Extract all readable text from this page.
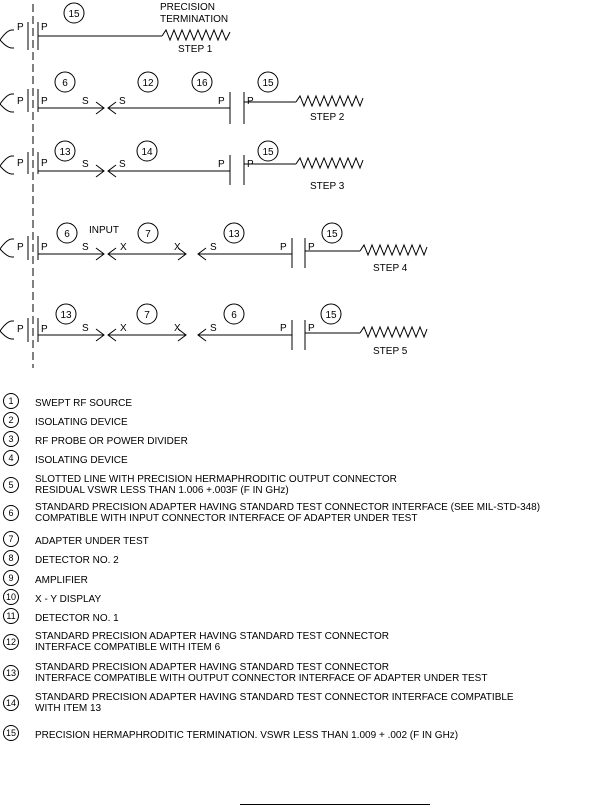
P P
15
PRECISION
TERMINATION
STEP 1
P P
6
S	S
12	16
P P
15
STEP 2
P P
13
S	S
14
P P
15
STEP 3
P P
6
S
INPUT
X
7
X	S
13
P P
15
STEP 4
P P
13
S	X
7
X	S
6
P P
15
STEP 5
1	SWEPT RF SOURCE
2	ISOLATING DEVICE
3	RF PROBE OR POWER DIVIDER
4	ISOLATING DEVICE
5	SLOTTED LINE WITH PRECISION HERMAPHRODITIC OUTPUT CONNECTOR
RESIDUAL VSWR LESS THAN 1.006 +.003F (F IN GHz)
6	STANDARD PRECISION ADAPTER HAVING STANDARD TEST CONNECTOR INTERFACE (SEE MIL-STD-348)
COMPATIBLE WITH INPUT CONNECTOR INTERFACE OF ADAPTER UNDER TEST
7	ADAPTER UNDER TEST
8	DETECTOR NO. 2
9	AMPLIFIER
10	X - Y DISPLAY
11	DETECTOR NO. 1
12	STANDARD PRECISION ADAPTER HAVING STANDARD TEST CONNECTOR
INTERFACE COMPATIBLE WITH ITEM 6
13	STANDARD PRECISION ADAPTER HAVING STANDARD TEST CONNECTOR
INTERFACE COMPATIBLE WITH OUTPUT CONNECTOR INTERFACE OF ADAPTER UNDER TEST
14	STANDARD PRECISION ADAPTER HAVING STANDARD TEST CONNECTOR INTERFACE COMPATIBLE
WITH ITEM 13
15	PRECISION HERMAPHRODITIC TERMINATION. VSWR LESS THAN 1.009 + .002 (F IN GHz)
